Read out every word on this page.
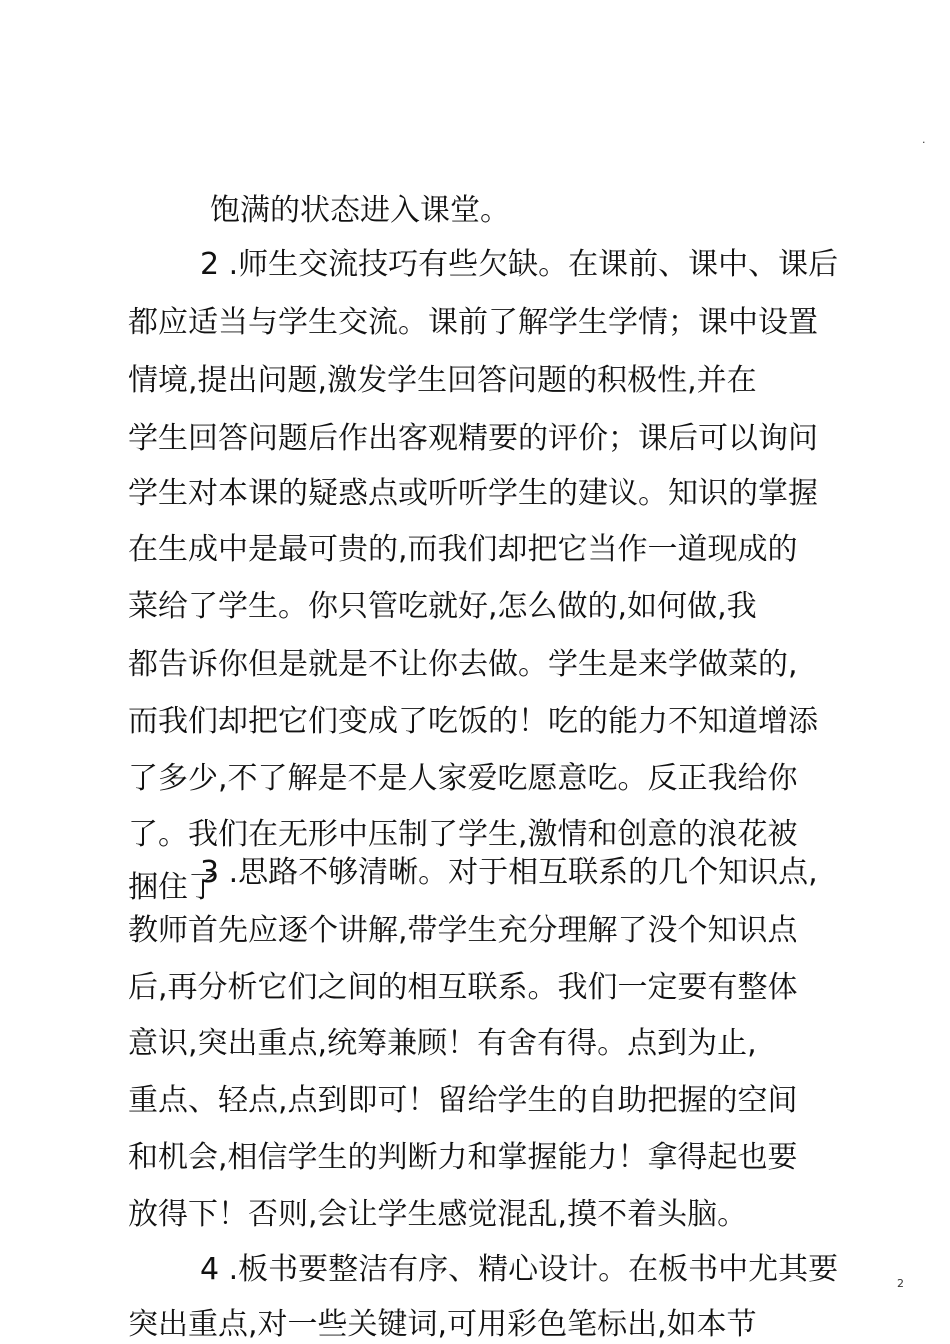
.
饱满的状态进入课堂。
2 .师生交流技巧有些欠缺。在课前、课中、课后
都应适当与学生交流。课前了解学生学情；课中设置
情境,提出问题,激发学生回答问题的积极性,并在
学生回答问题后作出客观精要的评价；课后可以询问
学生对本课的疑惑点或听听学生的建议。知识的掌握
在生成中是最可贵的,而我们却把它当作一道现成的
菜给了学生。你只管吃就好,怎么做的,如何做,我
都告诉你但是就是不让你去做。学生是来学做菜的,
而我们却把它们变成了吃饭的！吃的能力不知道增添
了多少,不了解是不是人家爱吃愿意吃。反正我给你
了。我们在无形中压制了学生,激情和创意的浪花被
捆住了
3 .思路不够清晰。对于相互联系的几个知识点,
教师首先应逐个讲解,带学生充分理解了没个知识点
后,再分析它们之间的相互联系。我们一定要有整体
意识,突出重点,统筹兼顾！有舍有得。点到为止,
重点、轻点,点到即可！留给学生的自助把握的空间
和机会,相信学生的判断力和掌握能力！拿得起也要
放得下！否则,会让学生感觉混乱,摸不着头脑。
4 .板书要整洁有序、精心设计。在板书中尤其要
突出重点,对一些关键词,可用彩色笔标出,如本节
2
